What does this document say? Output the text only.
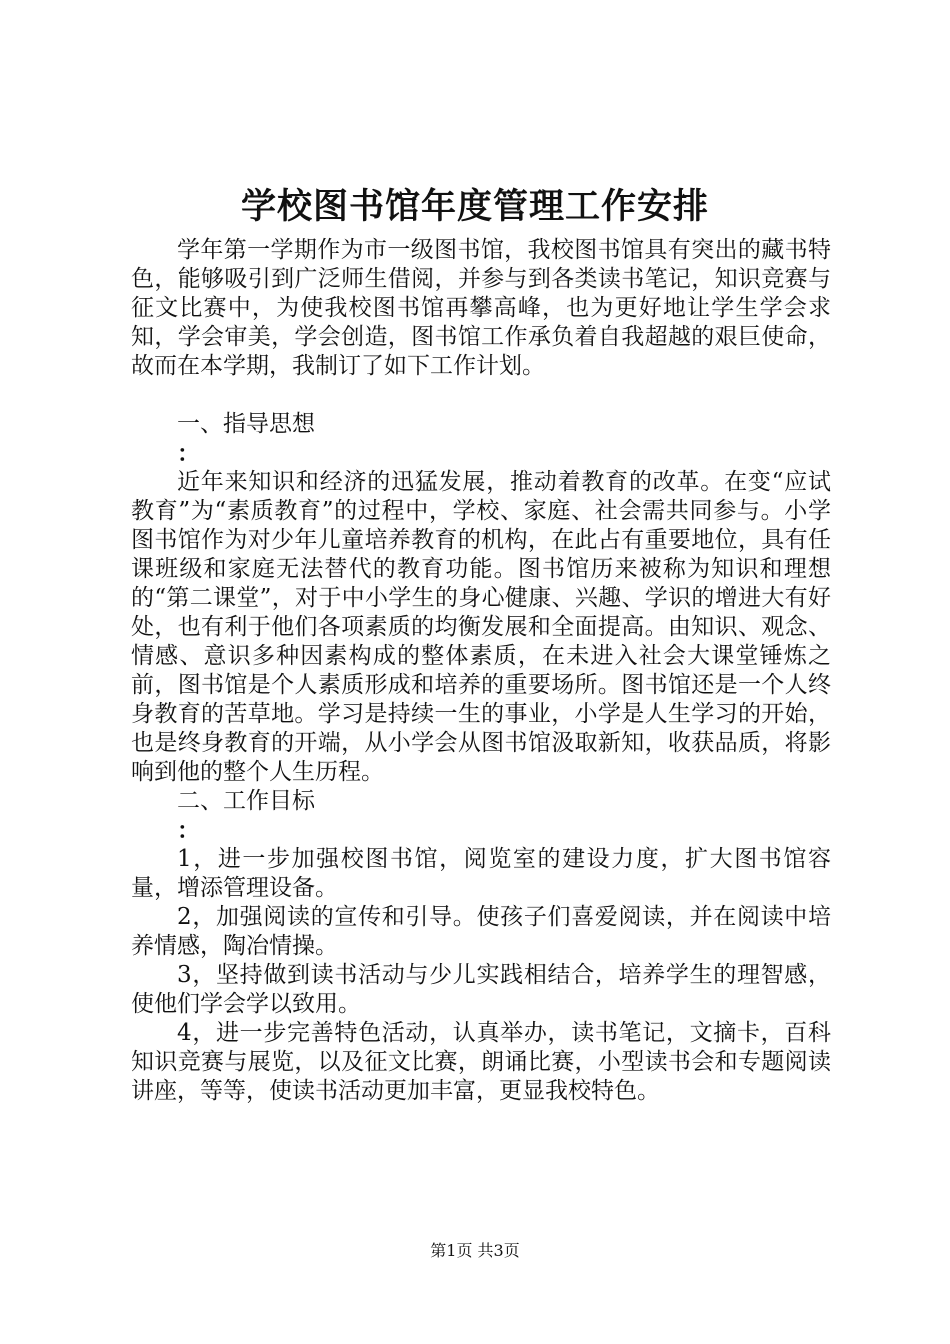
学校图书馆年度管理工作安排

学年第一学期作为市一级图书馆，我校图书馆具有突出的藏书特色，能够吸引到广泛师生借阅，并参与到各类读书笔记，知识竞赛与征文比赛中，为使我校图书馆再攀高峰，也为更好地让学生学会求知，学会审美，学会创造，图书馆工作承负着自我超越的艰巨使命，故而在本学期，我制订了如下工作计划。

一、指导思想

：

近年来知识和经济的迅猛发展，推动着教育的改革。在变“应试教育”为“素质教育”的过程中，学校、家庭、社会需共同参与。小学图书馆作为对少年儿童培养教育的机构，在此占有重要地位，具有任课班级和家庭无法替代的教育功能。图书馆历来被称为知识和理想的“第二课堂”，对于中小学生的身心健康、兴趣、学识的增进大有好处，也有利于他们各项素质的均衡发展和全面提高。由知识、观念、情感、意识多种因素构成的整体素质，在未进入社会大课堂锤炼之前，图书馆是个人素质形成和培养的重要场所。图书馆还是一个人终身教育的苦草地。学习是持续一生的事业，小学是人生学习的开始，也是终身教育的开端，从小学会从图书馆汲取新知，收获品质，将影响到他的整个人生历程。

二、工作目标

：

1，进一步加强校图书馆，阅览室的建设力度，扩大图书馆容量，增添管理设备。

2，加强阅读的宣传和引导。使孩子们喜爱阅读，并在阅读中培养情感，陶冶情操。

3，坚持做到读书活动与少儿实践相结合，培养学生的理智感，使他们学会学以致用。

4，进一步完善特色活动，认真举办，读书笔记，文摘卡，百科知识竞赛与展览，以及征文比赛，朗诵比赛，小型读书会和专题阅读讲座，等等，使读书活动更加丰富，更显我校特色。

第1页 共3页
